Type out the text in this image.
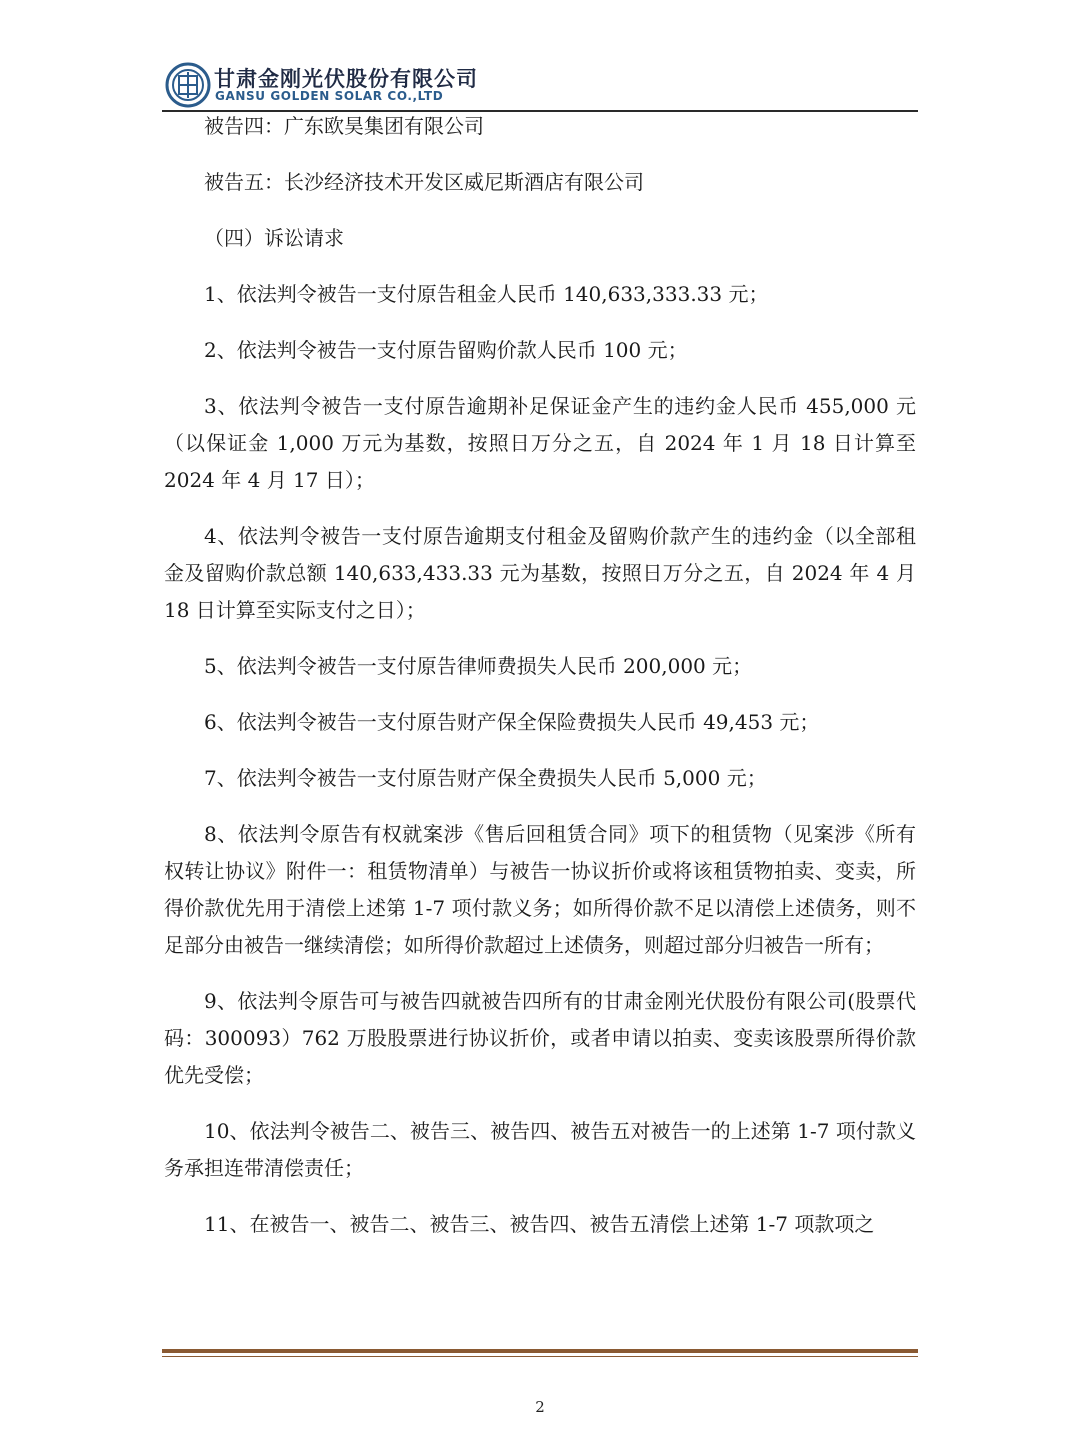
甘肃金刚光伏股份有限公司
GANSU GOLDEN SOLAR CO.,LTD

被告四：广东欧昊集团有限公司

被告五：长沙经济技术开发区威尼斯酒店有限公司

（四）诉讼请求

1、依法判令被告一支付原告租金人民币 140,633,333.33 元；

2、依法判令被告一支付原告留购价款人民币 100 元；

3、依法判令被告一支付原告逾期补足保证金产生的违约金人民币 455,000 元（以保证金 1,000 万元为基数，按照日万分之五，自 2024 年 1 月 18 日计算至 2024 年 4 月 17 日）；

4、依法判令被告一支付原告逾期支付租金及留购价款产生的违约金（以全部租金及留购价款总额 140,633,433.33 元为基数，按照日万分之五，自 2024 年 4 月 18 日计算至实际支付之日）；

5、依法判令被告一支付原告律师费损失人民币 200,000 元；

6、依法判令被告一支付原告财产保全保险费损失人民币 49,453 元；

7、依法判令被告一支付原告财产保全费损失人民币 5,000 元；

8、依法判令原告有权就案涉《售后回租赁合同》项下的租赁物（见案涉《所有权转让协议》附件一：租赁物清单）与被告一协议折价或将该租赁物拍卖、变卖，所得价款优先用于清偿上述第 1-7 项付款义务；如所得价款不足以清偿上述债务，则不足部分由被告一继续清偿；如所得价款超过上述债务，则超过部分归被告一所有；

9、依法判令原告可与被告四就被告四所有的甘肃金刚光伏股份有限公司(股票代码：300093）762 万股股票进行协议折价，或者申请以拍卖、变卖该股票所得价款优先受偿；

10、依法判令被告二、被告三、被告四、被告五对被告一的上述第 1-7 项付款义务承担连带清偿责任；

11、在被告一、被告二、被告三、被告四、被告五清偿上述第 1-7 项款项之

2
